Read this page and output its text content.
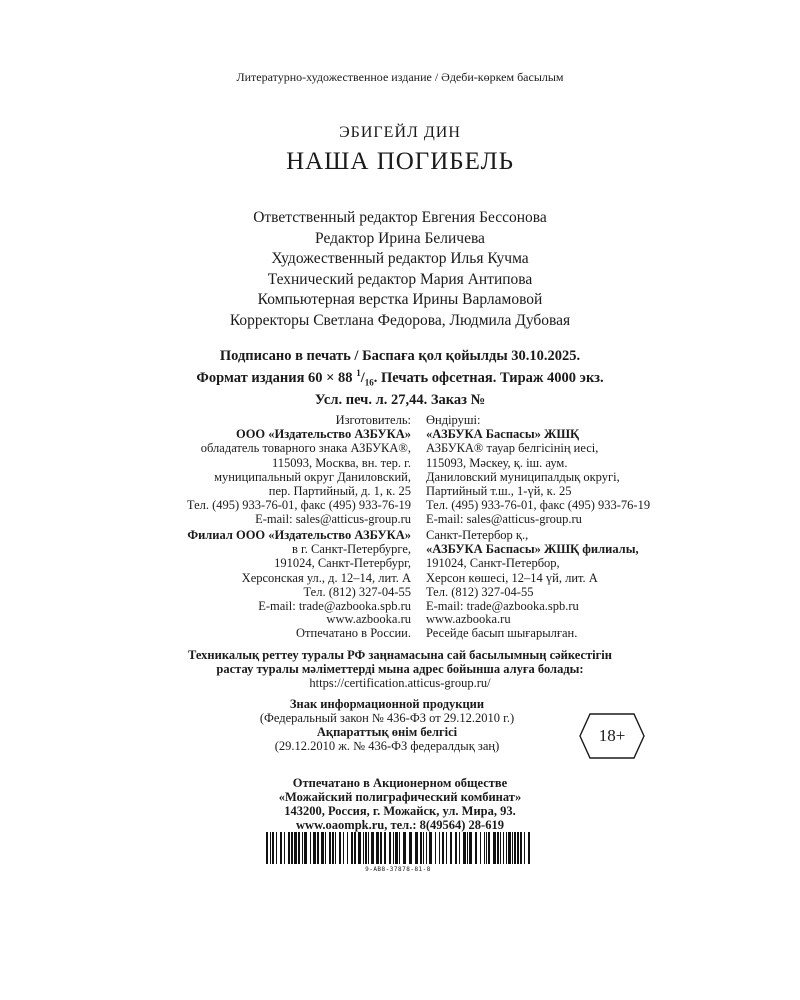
Литературно-художественное издание / Әдеби-көркем басылым
ЭБИГЕЙЛ ДИН
НАША ПОГИБЕЛЬ
Ответственный редактор Евгения Бессонова
Редактор Ирина Беличева
Художественный редактор Илья Кучма
Технический редактор Мария Антипова
Компьютерная верстка Ирины Варламовой
Корректоры Светлана Федорова, Людмила Дубовая
Подписано в печать / Баспаға қол қойылды 30.10.2025.
Формат издания 60 × 88 $^1/_{16}$. Печать офсетная. Тираж 4000 экз.
Усл. печ. л. 27,44. Заказ №
Изготовитель:
ООО «Издательство АЗБУКА»
обладатель товарного знака АЗБУКА®,
115093, Москва, вн. тер. г.
муниципальный округ Даниловский,
пер. Партийный, д. 1, к. 25
Тел. (495) 933-76-01, факс (495) 933-76-19
E-mail: sales@atticus-group.ru
Өндіруші:
«АЗБУКА Баспасы» ЖШҚ
АЗБУКА® тауар белгісінің иесі,
115093, Мәскеу, қ. іш. аум.
Даниловский муниципалдық округі,
Партийный т.ш., 1-үй, к. 25
Тел. (495) 933-76-01, факс (495) 933-76-19
E-mail: sales@atticus-group.ru
Филиал ООО «Издательство АЗБУКА»
в г. Санкт-Петербурге,
191024, Санкт-Петербург,
Херсонская ул., д. 12–14, лит. А
Тел. (812) 327-04-55
E-mail: trade@azbooka.spb.ru
Санкт-Петербор қ.,
«АЗБУКА Баспасы» ЖШҚ филиалы,
191024, Санкт-Петербор,
Херсон көшесі, 12–14 үй, лит. А
Тел. (812) 327-04-55
E-mail: trade@azbooka.spb.ru
www.azbooka.ru
Отпечатано в России.
www.azbooka.ru
Ресейде басып шығарылған.
Техникалық реттеу туралы РФ заңнамасына сай басылымның сәйкестігін
растау туралы мәліметтерді мына адрес бойынша алуға болады:
https://certification.atticus-group.ru/
Знак информационной продукции
(Федеральный закон № 436-ФЗ от 29.12.2010 г.)
Ақпараттық өнім белгісі
(29.12.2010 ж. № 436-ФЗ федералдық заң)
18+
Отпечатано в Акционерном обществе
«Можайский полиграфический комбинат»
143200, Россия, г. Можайск, ул. Мира, 93.
www.oaompk.ru, тел.: 8(49564) 28-619
9-AB8-37878-81-8
